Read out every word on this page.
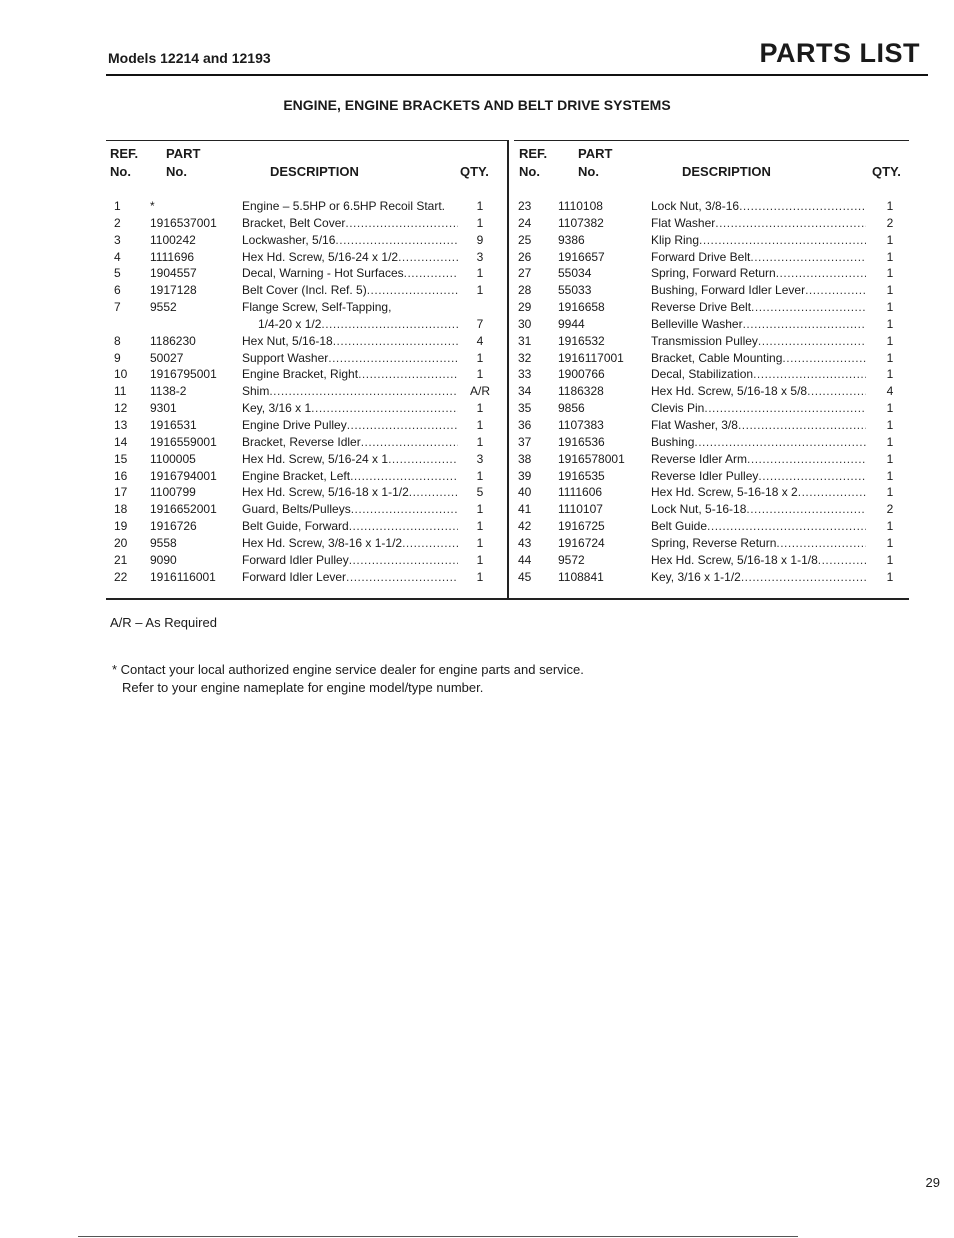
Models 12214 and 12193	PARTS LIST
ENGINE, ENGINE BRACKETS AND BELT DRIVE SYSTEMS
REF.
No.
PART
No.	DESCRIPTION	QTY.
REF.
No.
PART
No.	DESCRIPTION	QTY.
1 *	Engine – 5.5HP or 6.5HP Recoil Start.	1
2 1916537001 Bracket, Belt Cover .....	1
3 1100242	Lockwasher, 5/16 .....	9
4 1111696	Hex Hd. Screw, 5/16-24 x 1/2 .....	3
5 1904557	Decal, Warning - Hot Surfaces .....	1
6 1917128	Belt Cover (Incl. Ref. 5) .....	1
7 9552	Flange Screw, Self-Tapping,
1/4-20 x 1/2 .....	7
8 1186230	Hex Nut, 5/16-18 .....	4
9 50027	Support Washer .....	1
10 1916795001 Engine Bracket, Right .....	1
11 1138-2	Shim .....	A/R
12 9301	Key, 3/16 x 1 .....	1
13 1916531	Engine Drive Pulley .....	1
14 1916559001 Bracket, Reverse Idler .....	1
15 1100005	Hex Hd. Screw, 5/16-24 x 1 .....	3
16 1916794001 Engine Bracket, Left .....	1
17 1100799	Hex Hd. Screw, 5/16-18 x 1-1/2 .....	5
18 1916652001 Guard, Belts/Pulleys .....	1
19 1916726	Belt Guide, Forward .....	1
20 9558	Hex Hd. Screw, 3/8-16 x 1-1/2 .....	1
21 9090	Forward Idler Pulley .....	1
22 1916116001 Forward Idler Lever .....	1
23 1110108	Lock Nut, 3/8-16 .....	1
24 1107382	Flat Washer .....	2
25 9386	Klip Ring .....	1
26 1916657	Forward Drive Belt .....	1
27 55034	Spring, Forward Return .....	1
28 55033	Bushing, Forward Idler Lever .....	1
29 1916658	Reverse Drive Belt .....	1
30 9944	Belleville Washer .....	1
31 1916532	Transmission Pulley .....	1
32 1916117001 Bracket, Cable Mounting .....	1
33 1900766	Decal, Stabilization .....	1
34 1186328	Hex Hd. Screw, 5/16-18 x 5/8 .....	4
35 9856	Clevis Pin .....	1
36 1107383	Flat Washer, 3/8 .....	1
37 1916536	Bushing .....	1
38 1916578001 Reverse Idler Arm .....	1
39 1916535	Reverse Idler Pulley .....	1
40 1111606	Hex Hd. Screw, 5-16-18 x 2 .....	1
41 1110107	Lock Nut, 5-16-18 .....	2
42 1916725	Belt Guide .....	1
43 1916724	Spring, Reverse Return .....	1
44 9572	Hex Hd. Screw, 5/16-18 x 1-1/8 .....	1
45 1108841	Key, 3/16 x 1-1/2 .....	1
A/R – As Required
* Contact your local authorized engine service dealer for engine parts and service.
Refer to your engine nameplate for engine model/type number.
29
